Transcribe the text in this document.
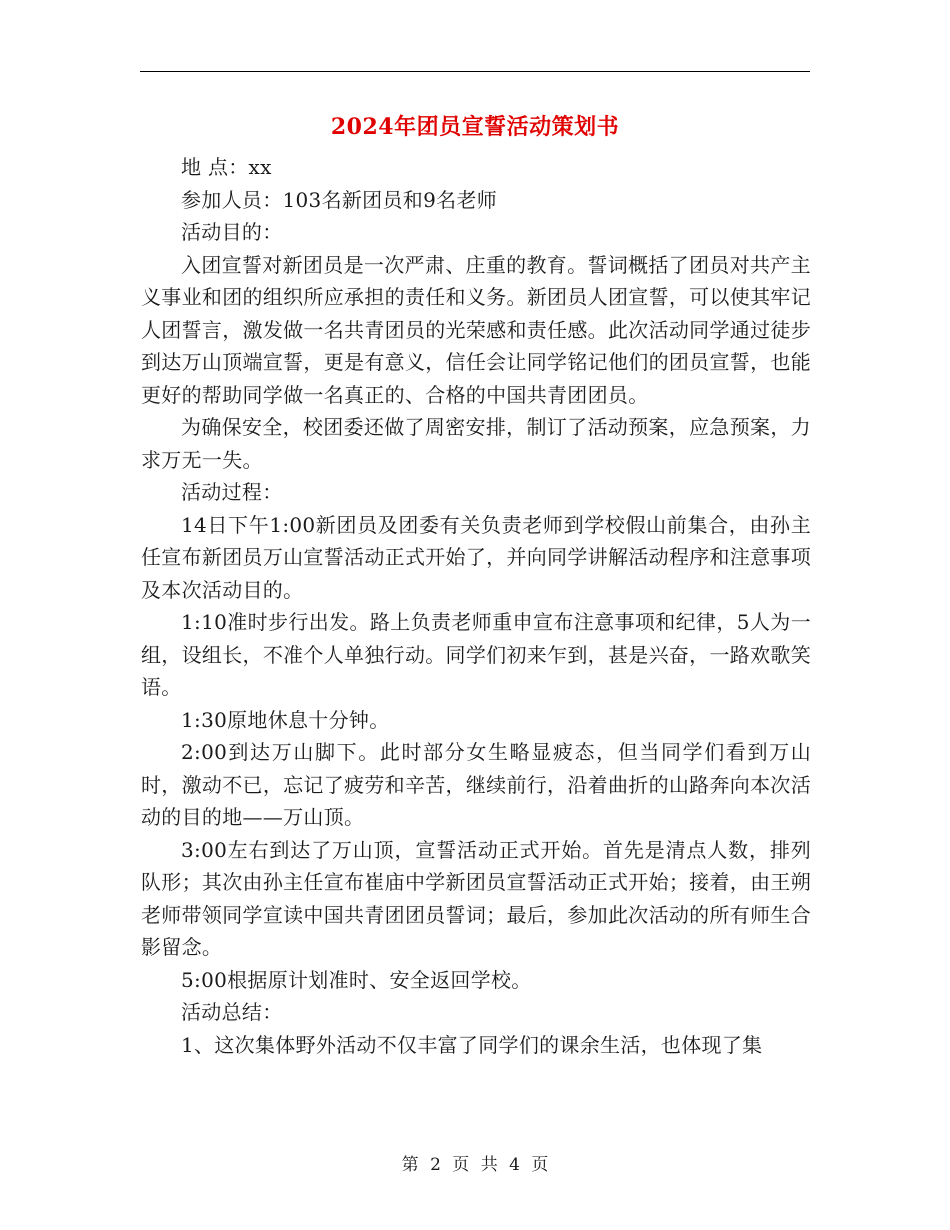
2024年团员宣誓活动策划书

地 点：xx

参加人员：103名新团员和9名老师

活动目的：

入团宣誓对新团员是一次严肃、庄重的教育。誓词概括了团员对共产主义事业和团的组织所应承担的责任和义务。新团员人团宣誓，可以使其牢记人团誓言，激发做一名共青团员的光荣感和责任感。此次活动同学通过徒步到达万山顶端宣誓，更是有意义，信任会让同学铭记他们的团员宣誓，也能更好的帮助同学做一名真正的、合格的中国共青团团员。

为确保安全，校团委还做了周密安排，制订了活动预案，应急预案，力求万无一失。

活动过程：

14日下午1:00新团员及团委有关负责老师到学校假山前集合，由孙主任宣布新团员万山宣誓活动正式开始了，并向同学讲解活动程序和注意事项及本次活动目的。

1:10准时步行出发。路上负责老师重申宣布注意事项和纪律，5人为一组，设组长，不准个人单独行动。同学们初来乍到，甚是兴奋，一路欢歌笑语。

1:30原地休息十分钟。

2:00到达万山脚下。此时部分女生略显疲态，但当同学们看到万山时，激动不已，忘记了疲劳和辛苦，继续前行，沿着曲折的山路奔向本次活动的目的地——万山顶。

3:00左右到达了万山顶，宣誓活动正式开始。首先是清点人数，排列队形；其次由孙主任宣布崔庙中学新团员宣誓活动正式开始；接着，由王朔老师带领同学宣读中国共青团团员誓词；最后，参加此次活动的所有师生合影留念。

5:00根据原计划准时、安全返回学校。

活动总结：

1、这次集体野外活动不仅丰富了同学们的课余生活，也体现了集

第 2 页 共 4 页
